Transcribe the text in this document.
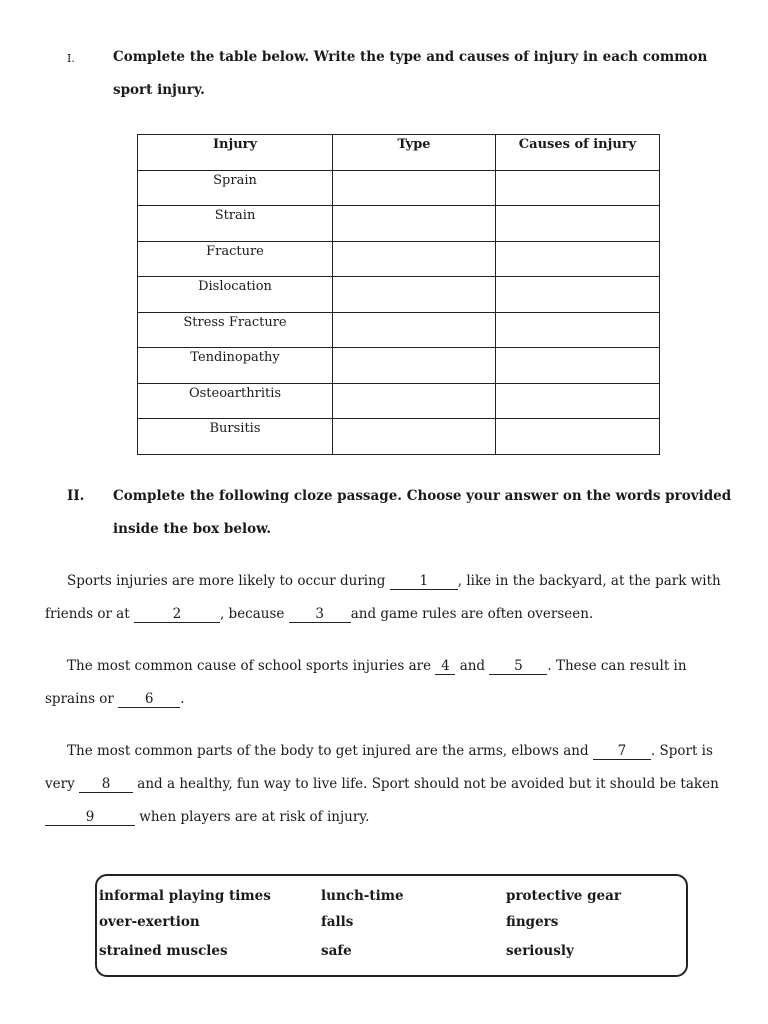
I.	Complete the table below. Write the type and causes of injury in each common
sport injury.
Injury	Type	Causes of injury
Sprain		
Strain		
Fracture		
Dislocation		
Stress Fracture		
Tendinopathy		
Osteoarthritis		
Bursitis		
II. Complete the following cloze passage. Choose your answer on the words provided
inside the box below.
Sports injuries are more likely to occur during	1 , like in the backyard, at the park with
friends or at	2	, because 3 and game rules are often overseen.
The most common cause of school sports injuries are 4 and 5 . These can result in
sprains or 6 .
The most common parts of the body to get injured are the arms, elbows and 7 . Sport is
very 8 and a healthy, fun way to live life. Sport should not be avoided but it should be taken
9	when players are at risk of injury.
informal playing times	lunch-time	protective gear
over-exertion	falls	fingers
strained muscles	safe	seriously
